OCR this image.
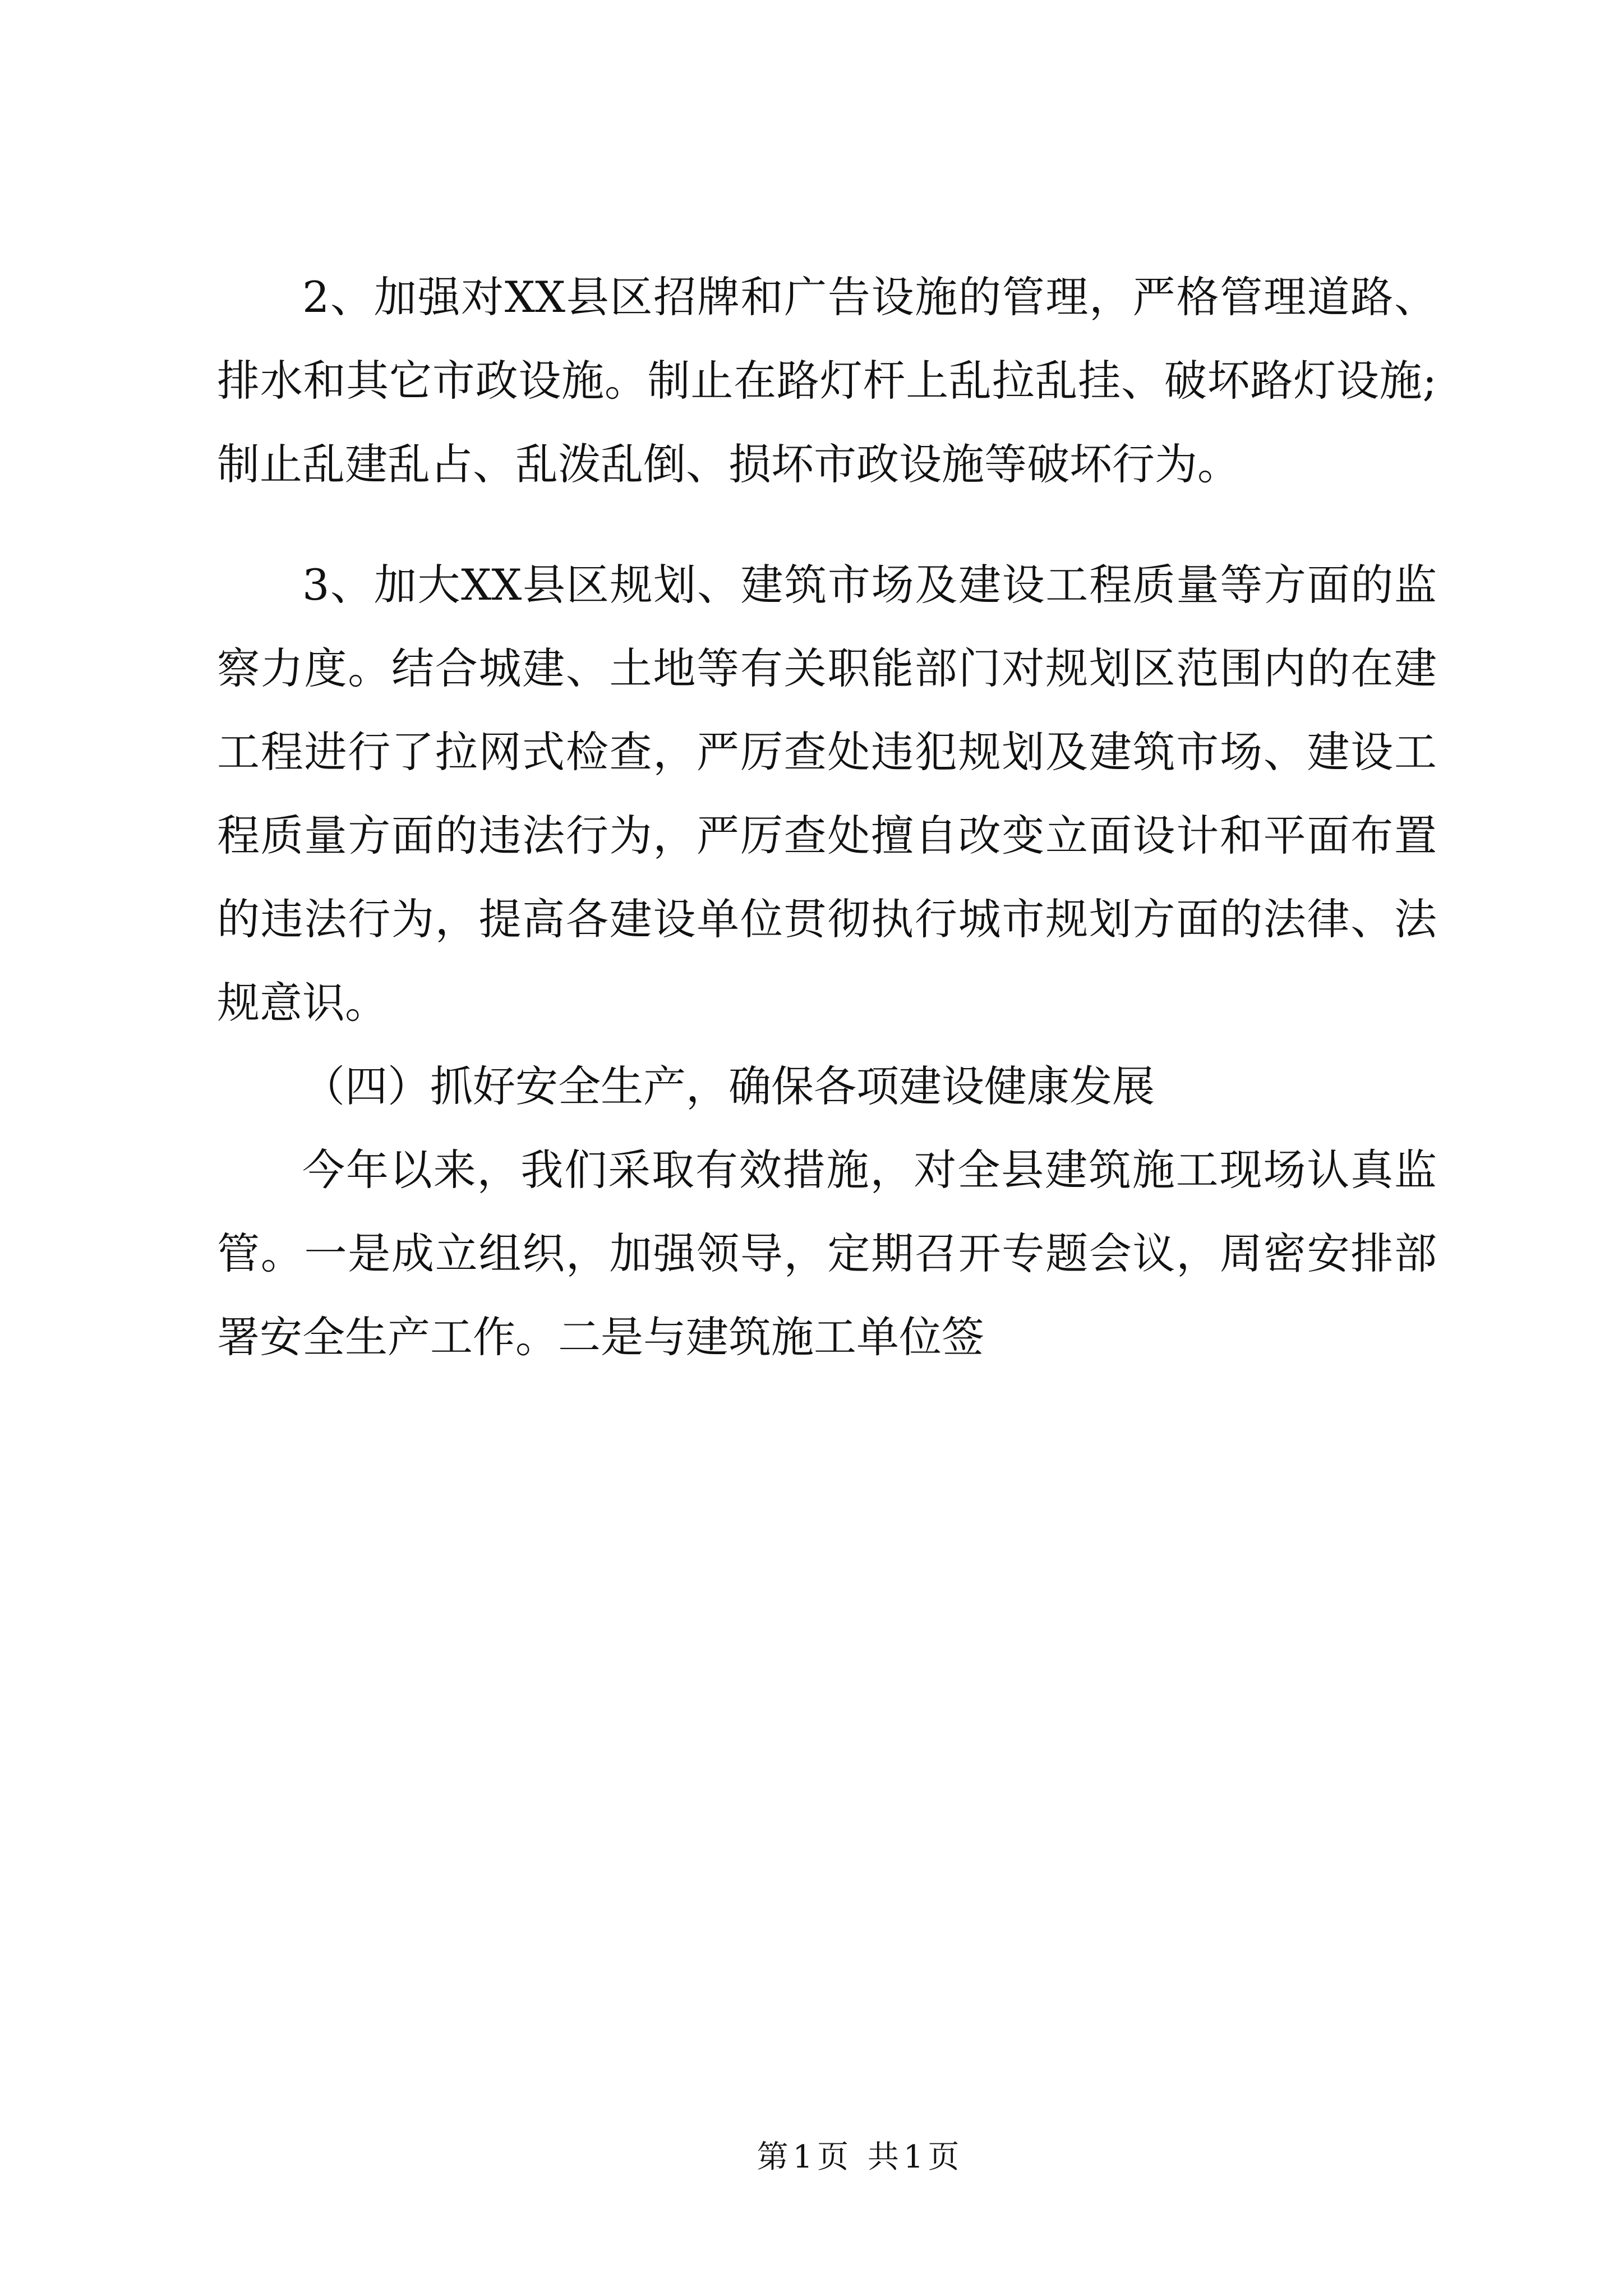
2、加强对XX县区招牌和广告设施的管理，严格管理道路、
排水和其它市政设施。制止在路灯杆上乱拉乱挂、破坏路灯设施;
制止乱建乱占、乱泼乱倒、损坏市政设施等破坏行为。
3、加大XX县区规划、建筑市场及建设工程质量等方面的监
察力度。结合城建、土地等有关职能部门对规划区范围内的在建
工程进行了拉网式检查，严厉查处违犯规划及建筑市场、建设工
程质量方面的违法行为，严厉查处擅自改变立面设计和平面布置
的违法行为，提高各建设单位贯彻执行城市规划方面的法律、法
规意识。
（四）抓好安全生产，确保各项建设健康发展
今年以来，我们采取有效措施，对全县建筑施工现场认真监
管。一是成立组织，加强领导，定期召开专题会议，周密安排部
署安全生产工作。二是与建筑施工单位签
第1页 共1页
